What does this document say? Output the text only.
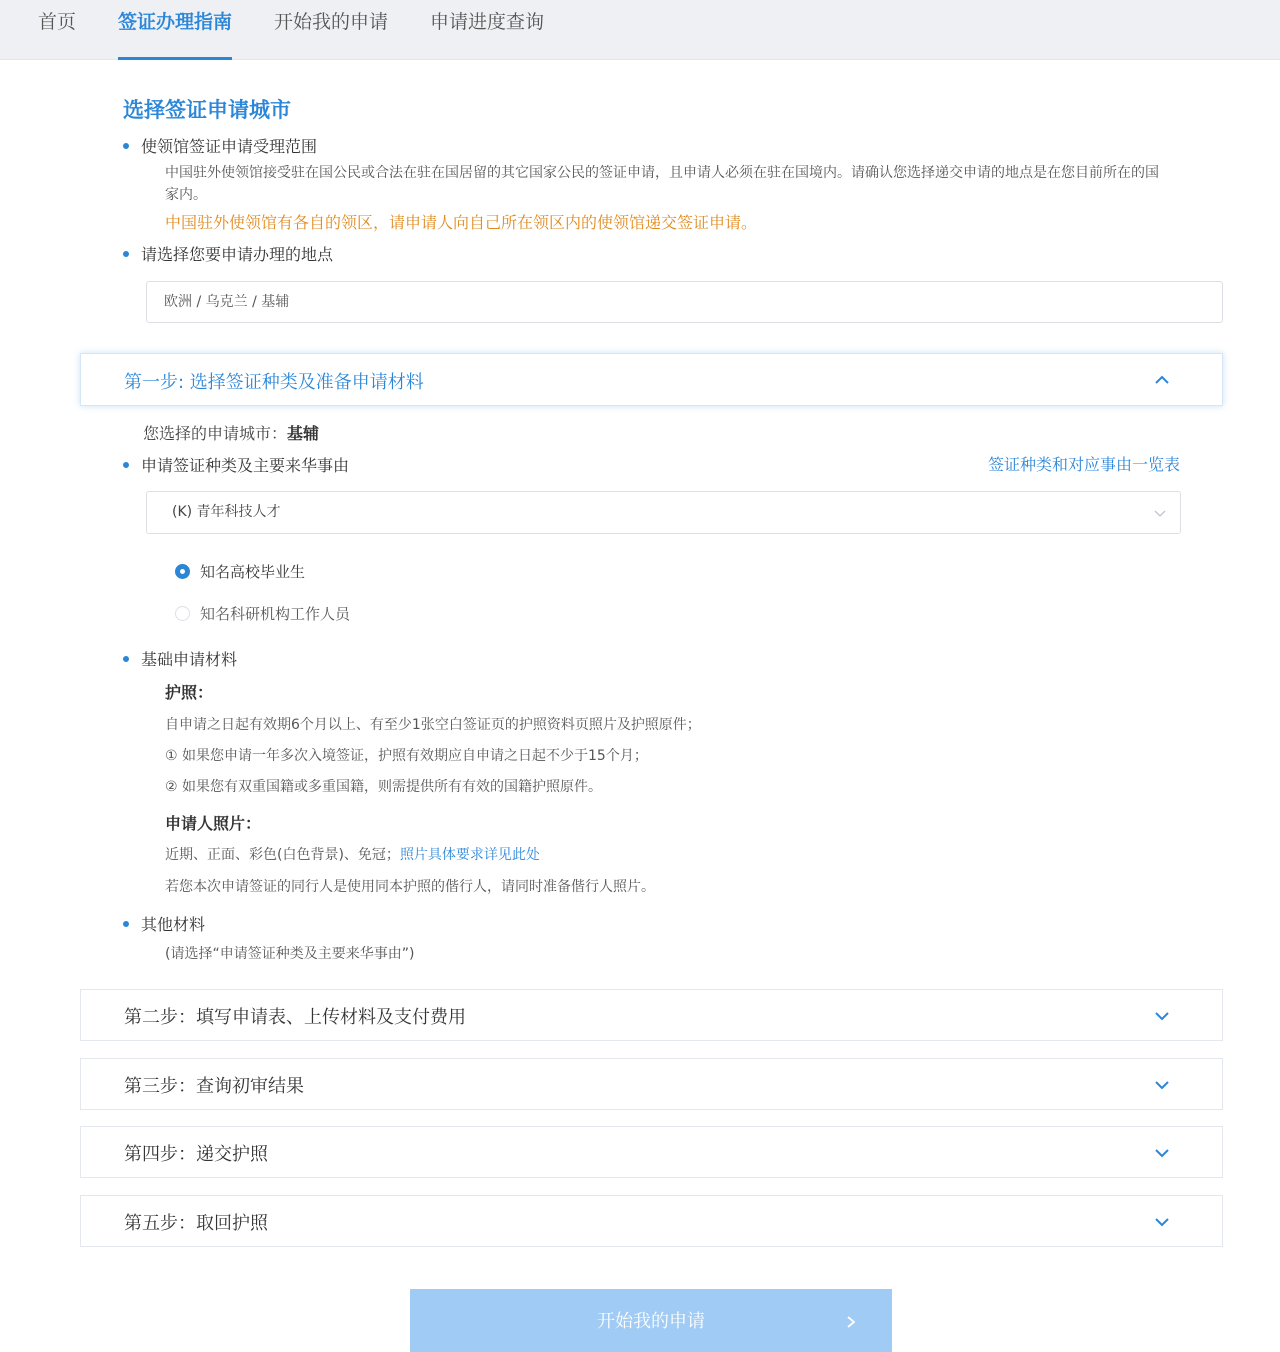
首页 签证办理指南 开始我的申请 申请进度查询
选择签证申请城市
使领馆签证申请受理范围
中国驻外使领馆接受驻在国公民或合法在驻在国居留的其它国家公民的签证申请，且申请人必须在驻在国境内。请确认您选择递交申请的地点是在您目前所在的国
家内。
中国驻外使领馆有各自的领区，请申请人向自己所在领区内的使领馆递交签证申请。
请选择您要申请办理的地点
欧洲 / 乌克兰 / 基辅
第一步: 选择签证种类及准备申请材料
您选择的申请城市：基辅
申请签证种类及主要来华事由	签证种类和对应事由一览表
(K) 青年科技人才
知名高校毕业生
知名科研机构工作人员
基础申请材料
护照：
自申请之日起有效期6个月以上、有至少1张空白签证页的护照资料页照片及护照原件；
① 如果您申请一年多次入境签证，护照有效期应自申请之日起不少于15个月；
② 如果您有双重国籍或多重国籍，则需提供所有有效的国籍护照原件。
申请人照片：
近期、正面、彩色(白色背景)、免冠；照片具体要求详见此处
若您本次申请签证的同行人是使用同本护照的偕行人，请同时准备偕行人照片。
其他材料
(请选择“申请签证种类及主要来华事由”)
第二步：填写申请表、上传材料及支付费用
第三步：查询初审结果
第四步：递交护照
第五步：取回护照
开始我的申请
